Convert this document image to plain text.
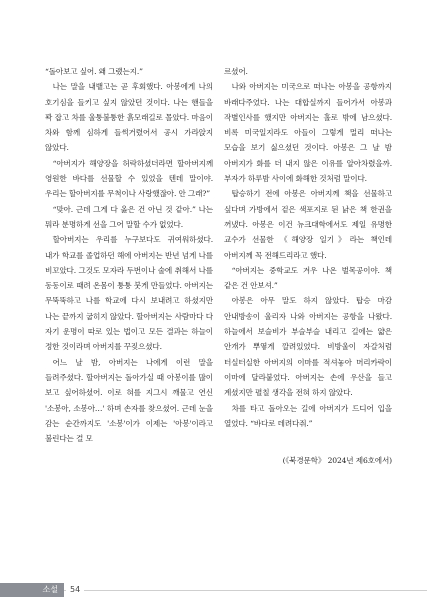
“돌아보고 싶어. 왜 그랬는지.”

나는 말을 내뱉고는 곧 후회했다. 아봉에게 나의 호기심을 들키고 싶지 않았던 것이다. 나는 핸들을 꽉 잡고 차를 울퉁불퉁한 흙모래길로 몰았다. 마음이 차와 함께 심하게 들썩거렸어서 공시 가라앉지 않았다.

“아버지가 해양장을 허락하셨더라면 할아버지께 영원한 바다를 선물할 수 있었을 텐데 말이야. 우리는 할아버지를 무척이나 사랑했잖아. 안 그래?”

“맞아. 근데 그게 다 옳은 건 아닌 것 같아.” 나는 뭐라 분명하게 선을 그어 말할 수가 없었다.

할아버지는 우리를 누구보다도 귀여워하셨다. 내가 학교를 졸업하던 해에 아버지는 반년 넘게 나를 비꼬았다. 그것도 모자라 두번이나 술에 취해서 나를 동동이로 때려 온몸이 퉁퉁 붓게 만들었다. 아버지는 무뚝뚝하고 나를 학교에 다시 보내려고 하셨지만 나는 끝까지 굽히지 않았다. 할아버지는 사람마다 다 자기 운명이 따로 있는 법이고 모든 결과는 하늘이 정한 것이라며 아버지를 꾸짖으셨다.

어느 날 밤, 아버지는 나에게 이런 말을 들려주셨다. 할아버지는 돌아가실 때 아봉이를 많이 보고 싶어하셨어. 이로 혀를 지그시 깨물고 연신 '소봉아, 소봉아…' 하며 손자를 찾으셨어. 근데 눈을 감는 순간까지도 '소봉'이가 이제는 '아봉'이라고 불린다는 걸 모

르셨어.

나와 아버지는 미국으로 떠나는 아봉을 공항까지 바래다주었다. 나는 대합실까지 들어가서 아봉과 작별인사를 했지만 아버지는 홀로 밖에 남으셨다. 비록 미국일지라도 아들이 그렇게 멀리 떠나는 모습을 보기 싫으셨던 것이다. 아봉은 그 날 밤 아버지가 화를 더 내지 않은 이유를 알아차렸을까. 부자가 하루밤 사이에 화해한 것처럼 말이다.

탑승하기 전에 아봉은 아버지께 책을 선물하고 싶다며 가방에서 겉은 색포지로 된 낡은 책 한권을 꺼냈다. 아봉은 이건 뉴크대학에서도 제일 유명한 교수가 선물한 《해양장 일기》라는 책인데 아버지께 꼭 전해드리라고 했다.

“아버지는 중학교도 겨우 나온 벌목공이야. 책 같은 건 안보셔.”

아봉은 아무 말도 하지 않았다. 탑승 마감 안내방송이 울리자 나와 아버지는 공항을 나왔다. 하늘에서 보슬비가 부슬부슬 내리고 길에는 얇은 안개가 뿌옇게 깔려있었다. 비방울이 자갈처럼 터실터실한 아버지의 이마를 적셔놓아 머리카락이 이마에 달라붙었다. 아버지는 손에 우산을 들고 계셨지만 펼칠 생각을 전혀 하지 않았다.

차를 타고 돌아오는 길에 아버지가 드디어 입을 열었다. “바다로 데려다줘.”

(《북경문학》 2024년 제6호에서)

소설	54
